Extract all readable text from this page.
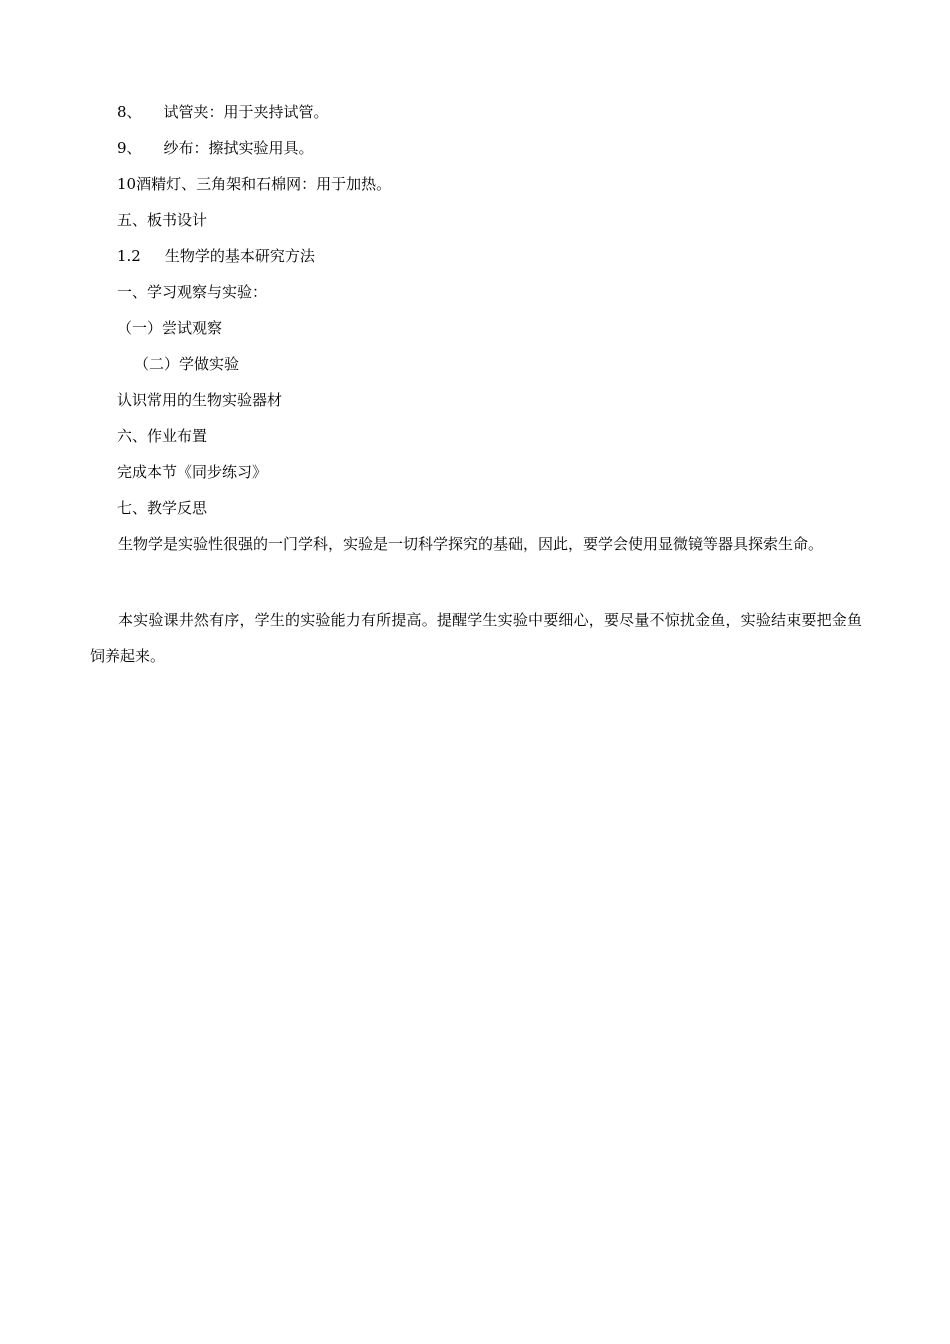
8、 试管夹：用于夹持试管。
9、 纱布：擦拭实验用具。
10酒精灯、三角架和石棉网：用于加热。
五、板书设计
1.2 生物学的基本研究方法
一、学习观察与实验：
（一）尝试观察
（二）学做实验
认识常用的生物实验器材
六、作业布置
完成本节《同步练习》
七、教学反思
生物学是实验性很强的一门学科，实验是一切科学探究的基础，因此，要学会使用显微镜等器具探索生命。
本实验课井然有序，学生的实验能力有所提高。提醒学生实验中要细心，要尽量不惊扰金鱼，实验结束要把金鱼饲养起来。
